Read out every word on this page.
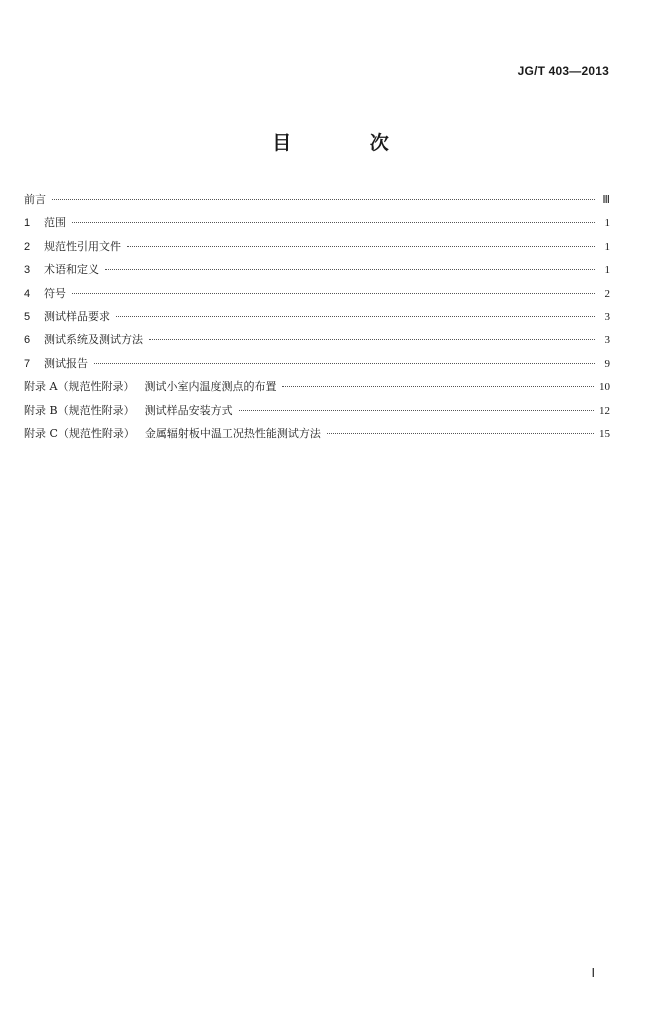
JG/T 403—2013
目 次
前言	Ⅲ
1	范围	1
2	规范性引用文件	1
3	术语和定义	1
4	符号	2
5	测试样品要求	3
6	测试系统及测试方法	3
7	测试报告	9
附录 A（规范性附录） 测试小室内温度测点的布置	10
附录 B（规范性附录） 测试样品安装方式	12
附录 C（规范性附录） 金属辐射板中温工况热性能测试方法	15
Ⅰ
